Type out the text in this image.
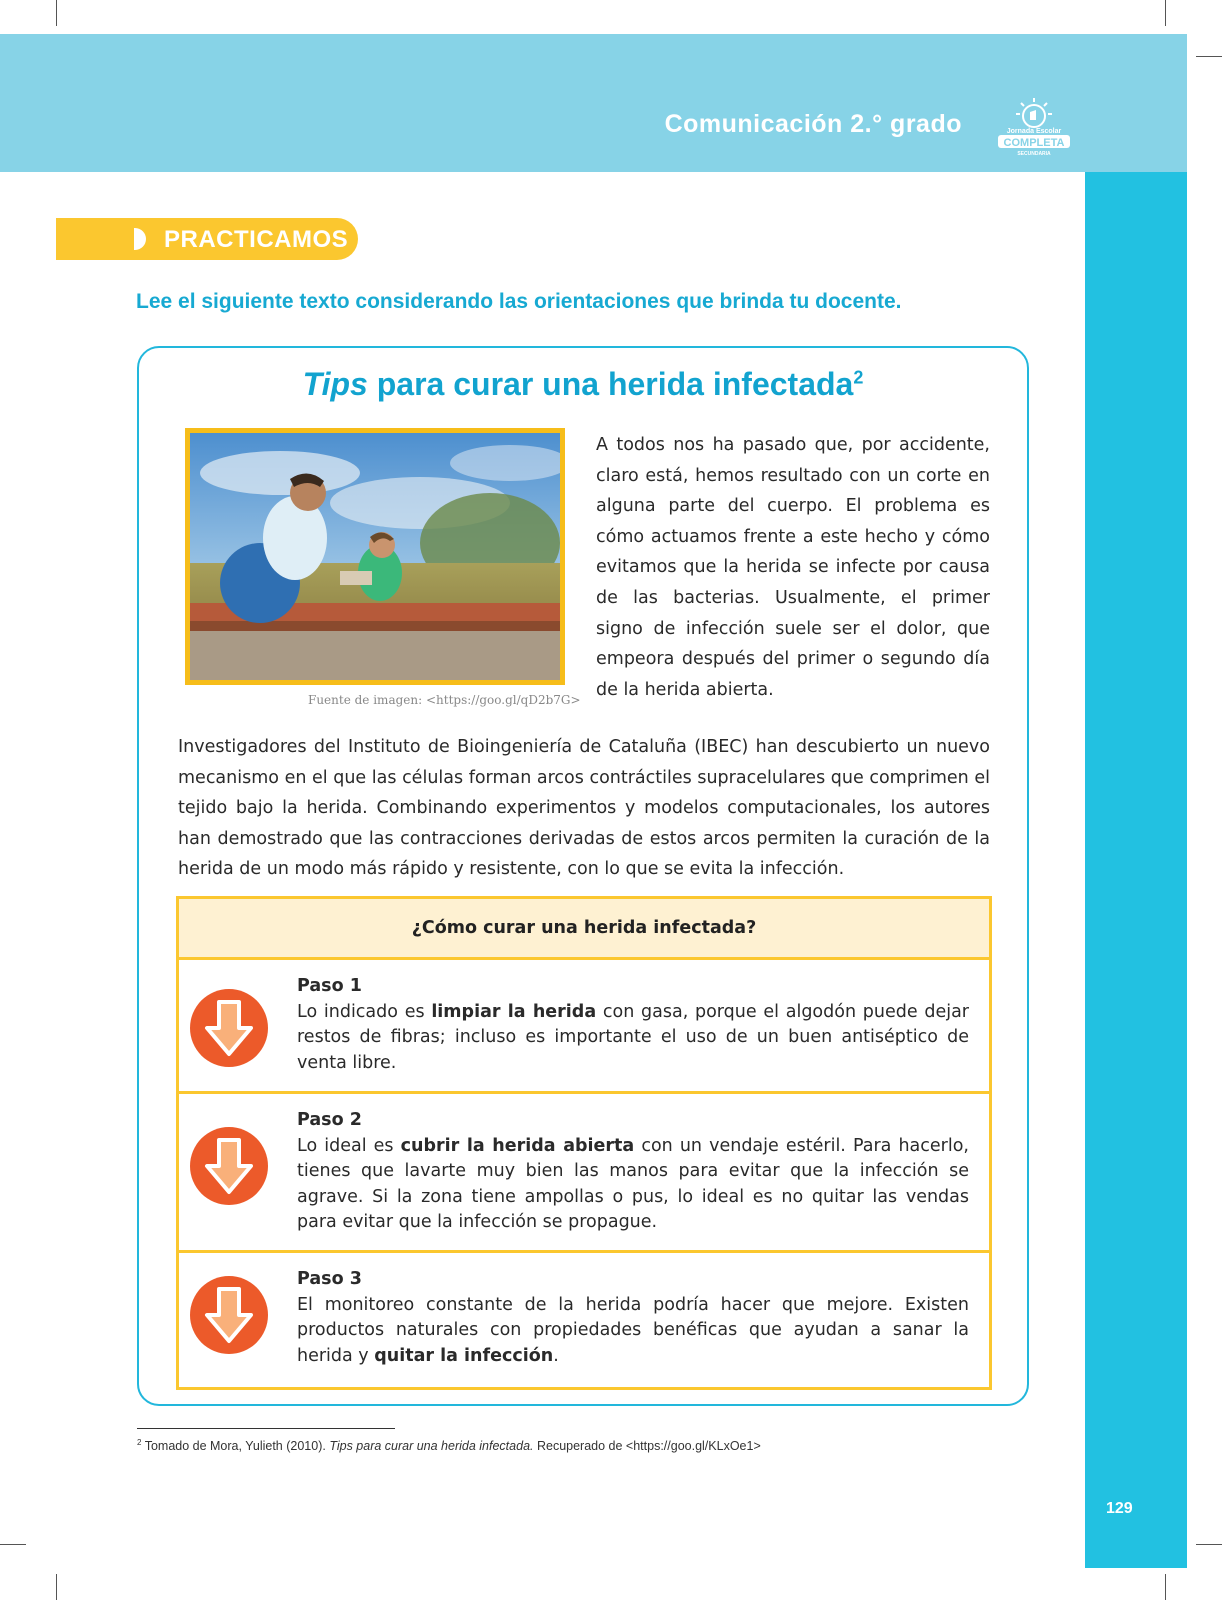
Comunicación 2.° grado	Jornada Escolar
COMPLETA
SECUNDARIA
129
PRACTICAMOS
Lee el siguiente texto considerando las orientaciones que brinda tu docente.
Tips para curar una herida infectada$^2$
Fuente de imagen: <https://goo.gl/qD2b7G>
A todos nos ha pasado que, por accidente, claro está, hemos resultado con un corte en alguna parte del cuerpo. El problema es cómo actuamos frente a este hecho y cómo evitamos que la herida se infecte por causa de las bacterias. Usualmente, el primer signo de infección suele ser el dolor, que empeora después del primer o segundo día de la herida abierta.
Investigadores del Instituto de Bioingeniería de Cataluña (IBEC) han descubierto un nuevo mecanismo en el que las células forman arcos contráctiles supracelulares que comprimen el tejido bajo la herida. Combinando experimentos y modelos computacionales, los autores han demostrado que las contracciones derivadas de estos arcos permiten la curación de la herida de un modo más rápido y resistente, con lo que se evita la infección.
¿Cómo curar una herida infectada?
Paso 1
Lo indicado es limpiar la herida con gasa, porque el algodón puede dejar restos de fibras; incluso es importante el uso de un buen antiséptico de venta libre.
Paso 2
Lo ideal es cubrir la herida abierta con un vendaje estéril. Para hacerlo, tienes que lavarte muy bien las manos para evitar que la infección se agrave. Si la zona tiene ampollas o pus, lo ideal es no quitar las vendas para evitar que la infección se propague.
Paso 3
El monitoreo constante de la herida podría hacer que mejore. Existen productos naturales con propiedades benéficas que ayudan a sanar la herida y quitar la infección.
$^2$ Tomado de Mora, Yulieth (2010). Tips para curar una herida infectada. Recuperado de <https://goo.gl/KLxOe1>
